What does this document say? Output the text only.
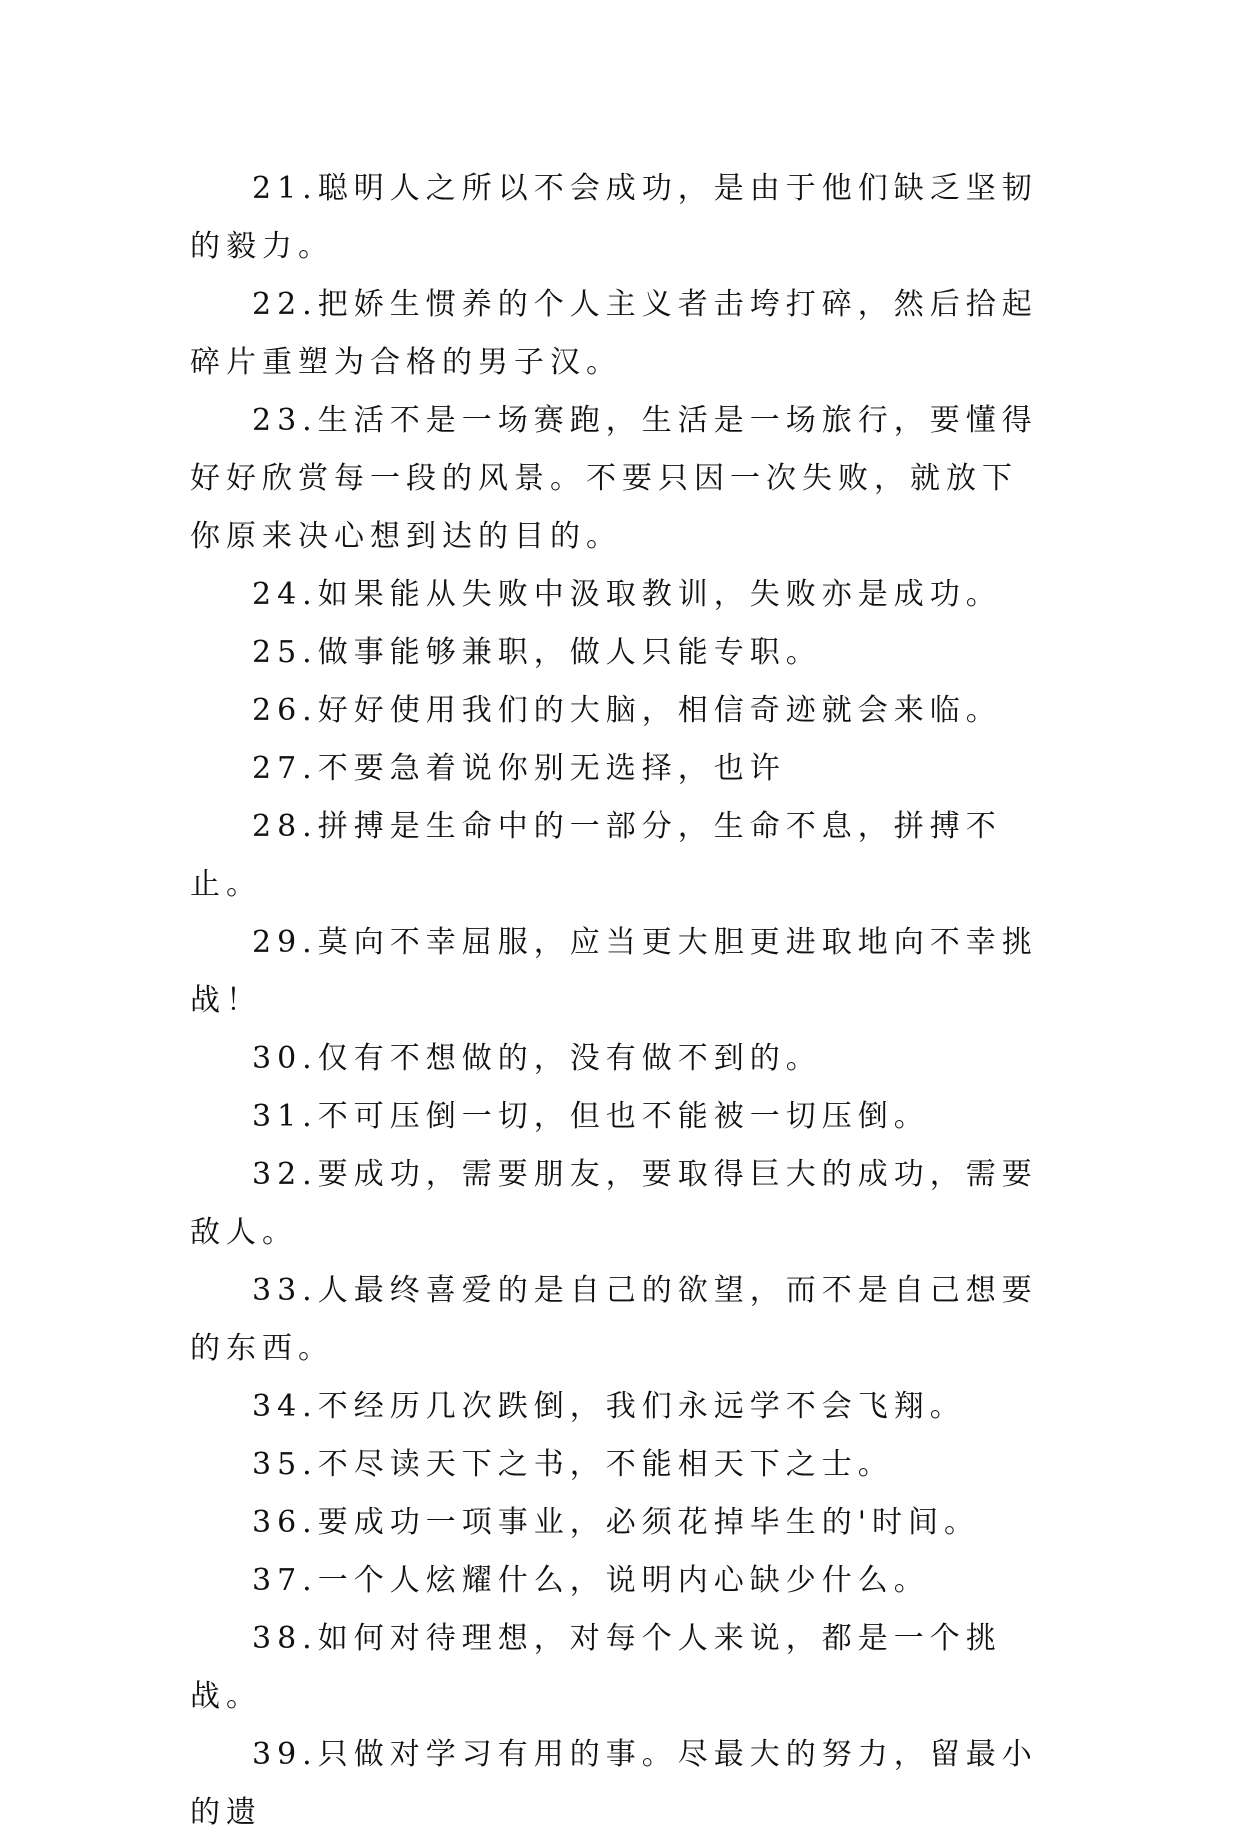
21.聪明人之所以不会成功，是由于他们缺乏坚韧的毅力。

22.把娇生惯养的个人主义者击垮打碎，然后拾起碎片重塑为合格的男子汉。

23.生活不是一场赛跑，生活是一场旅行，要懂得好好欣赏每一段的风景。不要只因一次失败，就放下你原来决心想到达的目的。

24.如果能从失败中汲取教训，失败亦是成功。

25.做事能够兼职，做人只能专职。

26.好好使用我们的大脑，相信奇迹就会来临。

27.不要急着说你别无选择，也许

28.拼搏是生命中的一部分，生命不息，拼搏不止。

29.莫向不幸屈服，应当更大胆更进取地向不幸挑战！

30.仅有不想做的，没有做不到的。

31.不可压倒一切，但也不能被一切压倒。

32.要成功，需要朋友，要取得巨大的成功，需要敌人。

33.人最终喜爱的是自己的欲望，而不是自己想要的东西。

34.不经历几次跌倒，我们永远学不会飞翔。

35.不尽读天下之书，不能相天下之士。

36.要成功一项事业，必须花掉毕生的'时间。

37.一个人炫耀什么，说明内心缺少什么。

38.如何对待理想，对每个人来说，都是一个挑战。

39.只做对学习有用的事。尽最大的努力，留最小的遗
